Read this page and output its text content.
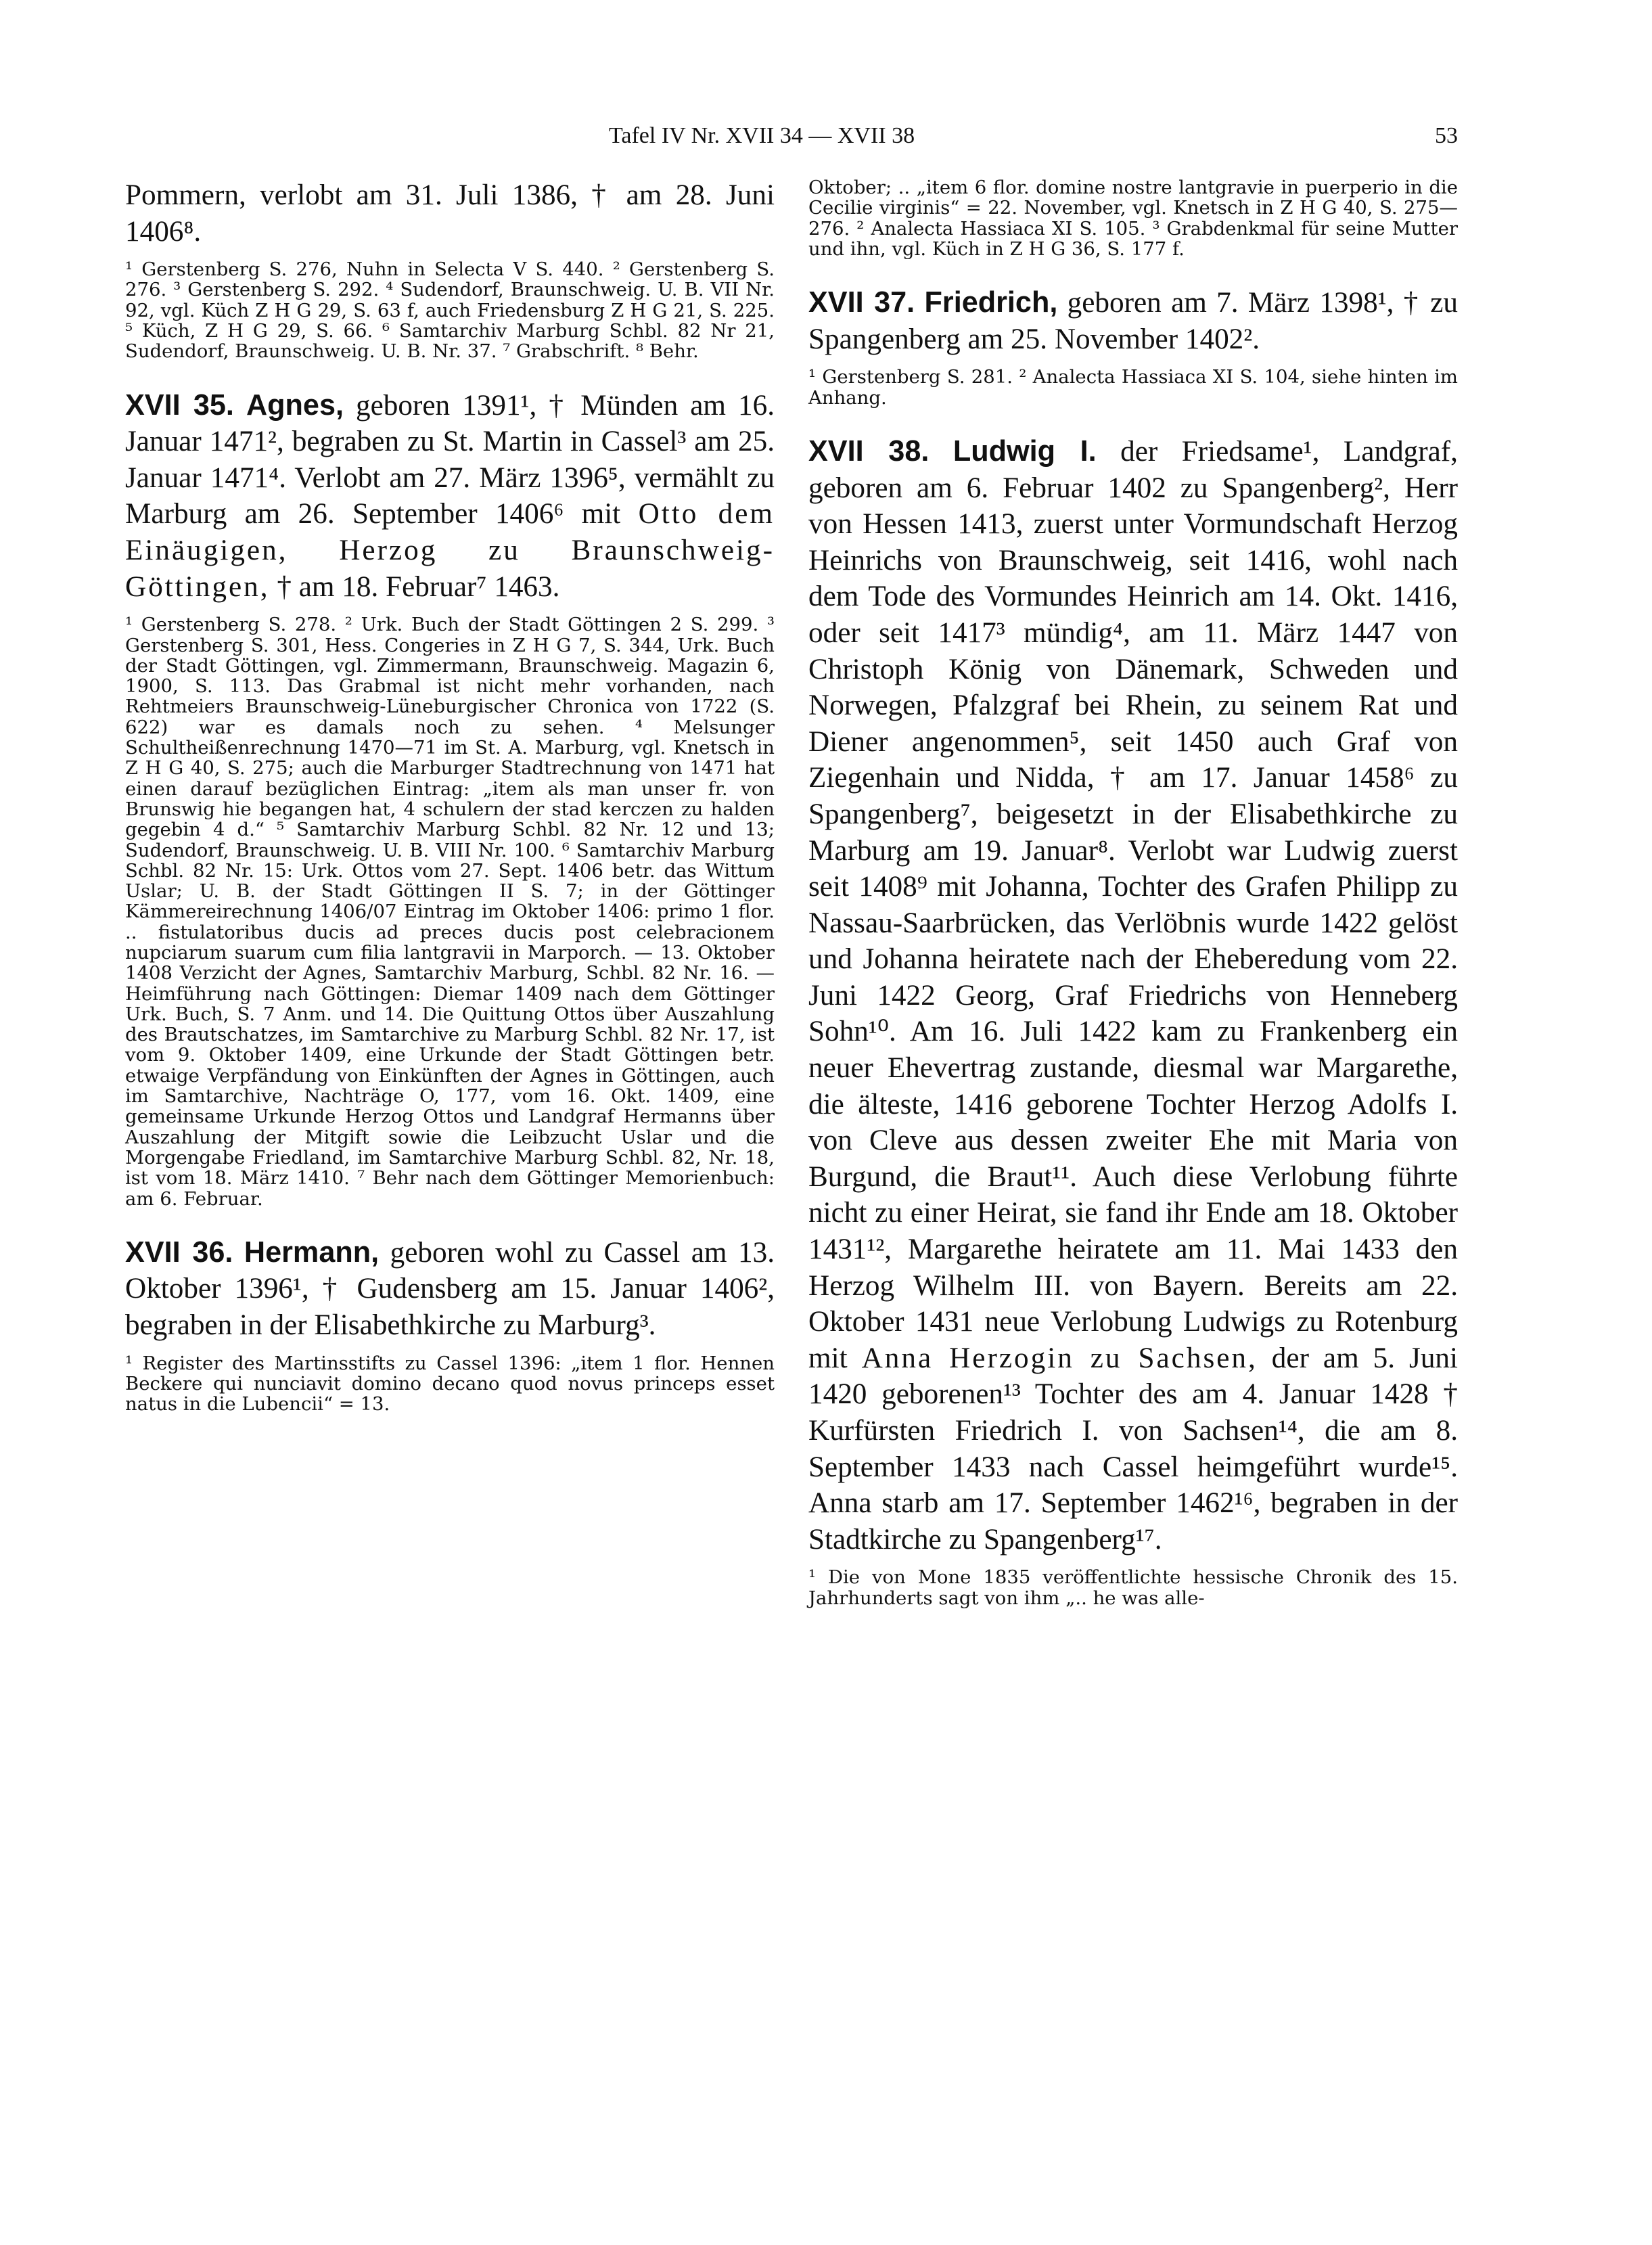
Tafel IV Nr. XVII 34 — XVII 38	53

Pommern, verlobt am 31. Juli 1386, † am 28. Juni 1406⁸.

¹ Gerstenberg S. 276, Nuhn in Selecta V S. 440. ² Gerstenberg S. 276. ³ Gerstenberg S. 292. ⁴ Sudendorf, Braunschweig. U. B. VII Nr. 92, vgl. Küch Z H G 29, S. 63 f, auch Friedensburg Z H G 21, S. 225. ⁵ Küch, Z H G 29, S. 66. ⁶ Samtarchiv Marburg Schbl. 82 Nr 21, Sudendorf, Braunschweig. U. B. Nr. 37. ⁷ Grabschrift. ⁸ Behr.

XVII 35. Agnes, geboren 1391¹, † Münden am 16. Januar 1471², begraben zu St. Martin in Cassel³ am 25. Januar 1471⁴. Verlobt am 27. März 1396⁵, vermählt zu Marburg am 26. September 1406⁶ mit Otto dem Einäugigen, Herzog zu Braunschweig-Göttingen, † am 18. Februar⁷ 1463.

¹ Gerstenberg S. 278. ² Urk. Buch der Stadt Göttingen 2 S. 299. ³ Gerstenberg S. 301, Hess. Congeries in Z H G 7, S. 344, Urk. Buch der Stadt Göttingen, vgl. Zimmermann, Braunschweig. Magazin 6, 1900, S. 113. Das Grabmal ist nicht mehr vorhanden, nach Rehtmeiers Braunschweig-Lüneburgischer Chronica von 1722 (S. 622) war es damals noch zu sehen. ⁴ Melsunger Schultheißenrechnung 1470—71 im St. A. Marburg, vgl. Knetsch in Z H G 40, S. 275; auch die Marburger Stadtrechnung von 1471 hat einen darauf bezüglichen Eintrag: „item als man unser fr. von Brunswig hie begangen hat, 4 schulern der stad kerczen zu halden gegebin 4 d.“ ⁵ Samtarchiv Marburg Schbl. 82 Nr. 12 und 13; Sudendorf, Braunschweig. U. B. VIII Nr. 100. ⁶ Samtarchiv Marburg Schbl. 82 Nr. 15: Urk. Ottos vom 27. Sept. 1406 betr. das Wittum Uslar; U. B. der Stadt Göttingen II S. 7; in der Göttinger Kämmereirechnung 1406/07 Eintrag im Oktober 1406: primo 1 flor. .. fistulatoribus ducis ad preces ducis post celebracionem nupciarum suarum cum filia lantgravii in Marporch. — 13. Oktober 1408 Verzicht der Agnes, Samtarchiv Marburg, Schbl. 82 Nr. 16. — Heimführung nach Göttingen: Diemar 1409 nach dem Göttinger Urk. Buch, S. 7 Anm. und 14. Die Quittung Ottos über Auszahlung des Brautschatzes, im Samtarchive zu Marburg Schbl. 82 Nr. 17, ist vom 9. Oktober 1409, eine Urkunde der Stadt Göttingen betr. etwaige Verpfändung von Einkünften der Agnes in Göttingen, auch im Samtarchive, Nachträge O, 177, vom 16. Okt. 1409, eine gemeinsame Urkunde Herzog Ottos und Landgraf Hermanns über Auszahlung der Mitgift sowie die Leibzucht Uslar und die Morgengabe Friedland, im Samtarchive Marburg Schbl. 82, Nr. 18, ist vom 18. März 1410. ⁷ Behr nach dem Göttinger Memorienbuch: am 6. Februar.

XVII 36. Hermann, geboren wohl zu Cassel am 13. Oktober 1396¹, † Gudensberg am 15. Januar 1406², begraben in der Elisabethkirche zu Marburg³.

¹ Register des Martinsstifts zu Cassel 1396: „item 1 flor. Hennen Beckere qui nunciavit domino decano quod novus princeps esset natus in die Lubencii“ = 13.

Oktober; .. „item 6 flor. domine nostre lantgravie in puerperio in die Cecilie virginis“ = 22. November, vgl. Knetsch in Z H G 40, S. 275—276. ² Analecta Hassiaca XI S. 105. ³ Grabdenkmal für seine Mutter und ihn, vgl. Küch in Z H G 36, S. 177 f.

XVII 37. Friedrich, geboren am 7. März 1398¹, † zu Spangenberg am 25. November 1402².

¹ Gerstenberg S. 281. ² Analecta Hassiaca XI S. 104, siehe hinten im Anhang.

XVII 38. Ludwig I. der Friedsame¹, Landgraf, geboren am 6. Februar 1402 zu Spangenberg², Herr von Hessen 1413, zuerst unter Vormundschaft Herzog Heinrichs von Braunschweig, seit 1416, wohl nach dem Tode des Vormundes Heinrich am 14. Okt. 1416, oder seit 1417³ mündig⁴, am 11. März 1447 von Christoph König von Dänemark, Schweden und Norwegen, Pfalzgraf bei Rhein, zu seinem Rat und Diener angenommen⁵, seit 1450 auch Graf von Ziegenhain und Nidda, † am 17. Januar 1458⁶ zu Spangenberg⁷, beigesetzt in der Elisabethkirche zu Marburg am 19. Januar⁸. Verlobt war Ludwig zuerst seit 1408⁹ mit Johanna, Tochter des Grafen Philipp zu Nassau-Saarbrücken, das Verlöbnis wurde 1422 gelöst und Johanna heiratete nach der Eheberedung vom 22. Juni 1422 Georg, Graf Friedrichs von Henneberg Sohn¹⁰. Am 16. Juli 1422 kam zu Frankenberg ein neuer Ehevertrag zustande, diesmal war Margarethe, die älteste, 1416 geborene Tochter Herzog Adolfs I. von Cleve aus dessen zweiter Ehe mit Maria von Burgund, die Braut¹¹. Auch diese Verlobung führte nicht zu einer Heirat, sie fand ihr Ende am 18. Oktober 1431¹², Margarethe heiratete am 11. Mai 1433 den Herzog Wilhelm III. von Bayern. Bereits am 22. Oktober 1431 neue Verlobung Ludwigs zu Rotenburg mit Anna Herzogin zu Sachsen, der am 5. Juni 1420 geborenen¹³ Tochter des am 4. Januar 1428 † Kurfürsten Friedrich I. von Sachsen¹⁴, die am 8. September 1433 nach Cassel heimgeführt wurde¹⁵. Anna starb am 17. September 1462¹⁶, begraben in der Stadtkirche zu Spangenberg¹⁷.

¹ Die von Mone 1835 veröffentlichte hessische Chronik des 15. Jahrhunderts sagt von ihm „.. he was alle-
